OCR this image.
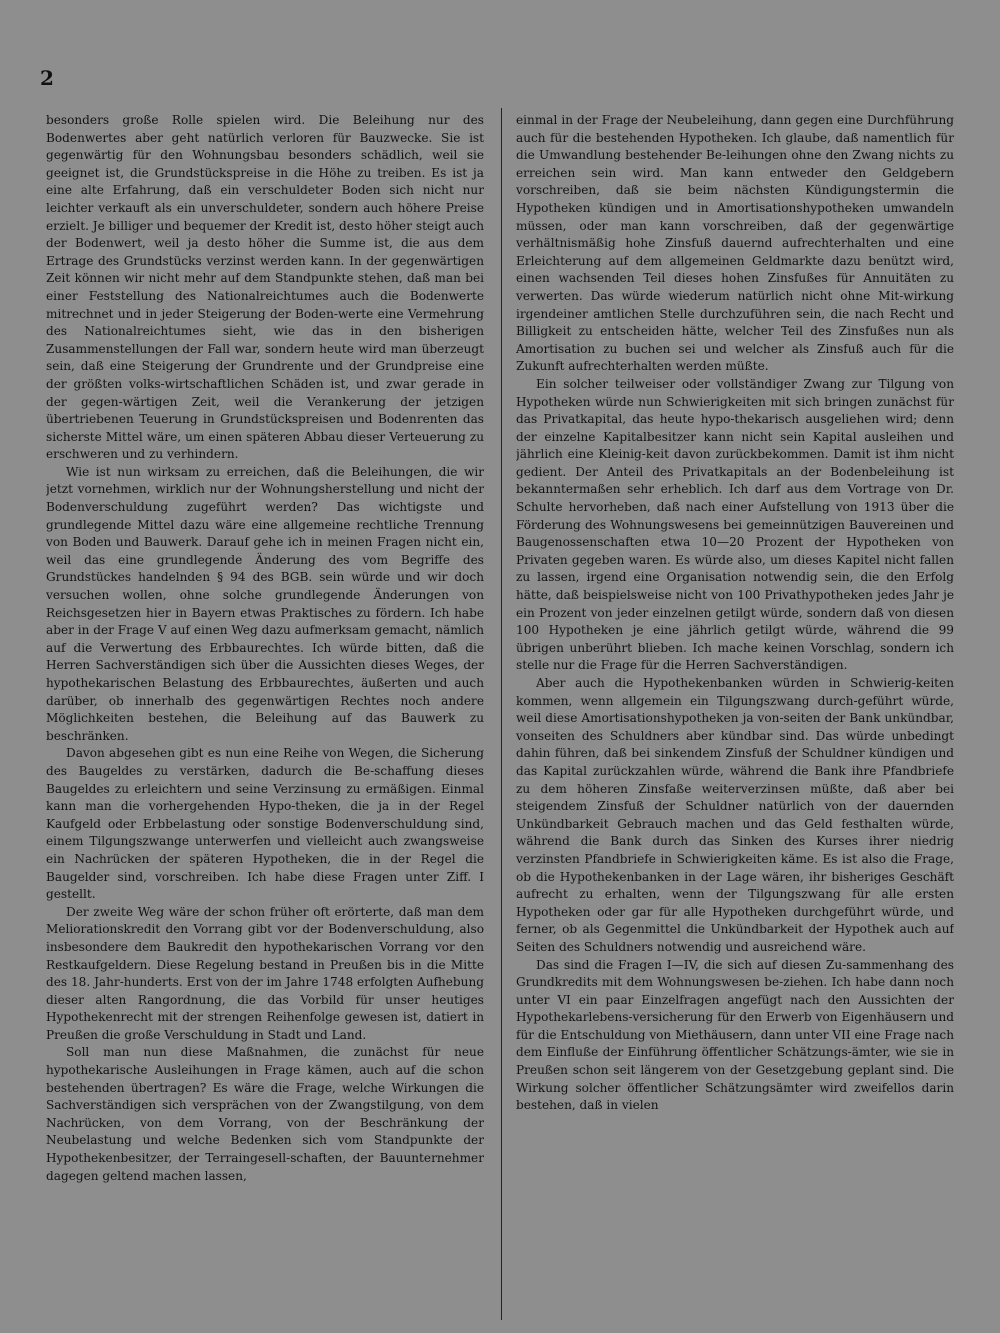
2

besonders große Rolle spielen wird. Die Beleihung nur des Bodenwertes aber geht natürlich verloren für Bauzwecke. Sie ist gegenwärtig für den Wohnungsbau besonders schädlich, weil sie geeignet ist, die Grundstückspreise in die Höhe zu treiben. Es ist ja eine alte Erfahrung, daß ein verschuldeter Boden sich nicht nur leichter verkauft als ein unverschuldeter, sondern auch höhere Preise erzielt. Je billiger und bequemer der Kredit ist, desto höher steigt auch der Bodenwert, weil ja desto höher die Summe ist, die aus dem Ertrage des Grundstücks verzinst werden kann. In der gegenwärtigen Zeit können wir nicht mehr auf dem Standpunkte stehen, daß man bei einer Feststellung des Nationalreichtumes auch die Bodenwerte mitrechnet und in jeder Steigerung der Boden-werte eine Vermehrung des Nationalreichtumes sieht, wie das in den bisherigen Zusammenstellungen der Fall war, sondern heute wird man überzeugt sein, daß eine Steigerung der Grundrente und der Grundpreise eine der größten volks-wirtschaftlichen Schäden ist, und zwar gerade in der gegen-wärtigen Zeit, weil die Verankerung der jetzigen übertriebenen Teuerung in Grundstückspreisen und Bodenrenten das sicherste Mittel wäre, um einen späteren Abbau dieser Verteuerung zu erschweren und zu verhindern.

Wie ist nun wirksam zu erreichen, daß die Beleihungen, die wir jetzt vornehmen, wirklich nur der Wohnungsherstellung und nicht der Bodenverschuldung zugeführt werden? Das wichtigste und grundlegende Mittel dazu wäre eine allgemeine rechtliche Trennung von Boden und Bauwerk. Darauf gehe ich in meinen Fragen nicht ein, weil das eine grundlegende Änderung des vom Begriffe des Grundstückes handelnden § 94 des BGB. sein würde und wir doch versuchen wollen, ohne solche grundlegende Änderungen von Reichsgesetzen hier in Bayern etwas Praktisches zu fördern. Ich habe aber in der Frage V auf einen Weg dazu aufmerksam gemacht, nämlich auf die Verwertung des Erbbaurechtes. Ich würde bitten, daß die Herren Sachverständigen sich über die Aussichten dieses Weges, der hypothekarischen Belastung des Erbbaurechtes, äußerten und auch darüber, ob innerhalb des gegenwärtigen Rechtes noch andere Möglichkeiten bestehen, die Beleihung auf das Bauwerk zu beschränken.

Davon abgesehen gibt es nun eine Reihe von Wegen, die Sicherung des Baugeldes zu verstärken, dadurch die Be-schaffung dieses Baugeldes zu erleichtern und seine Verzinsung zu ermäßigen. Einmal kann man die vorhergehenden Hypo-theken, die ja in der Regel Kaufgeld oder Erbbelastung oder sonstige Bodenverschuldung sind, einem Tilgungszwange unterwerfen und vielleicht auch zwangsweise ein Nachrücken der späteren Hypotheken, die in der Regel die Baugelder sind, vorschreiben. Ich habe diese Fragen unter Ziff. I gestellt.

Der zweite Weg wäre der schon früher oft erörterte, daß man dem Meliorationskredit den Vorrang gibt vor der Bodenverschuldung, also insbesondere dem Baukredit den hypothekarischen Vorrang vor den Restkaufgeldern. Diese Regelung bestand in Preußen bis in die Mitte des 18. Jahr-hunderts. Erst von der im Jahre 1748 erfolgten Aufhebung dieser alten Rangordnung, die das Vorbild für unser heutiges Hypothekenrecht mit der strengen Reihenfolge gewesen ist, datiert in Preußen die große Verschuldung in Stadt und Land.

Soll man nun diese Maßnahmen, die zunächst für neue hypothekarische Ausleihungen in Frage kämen, auch auf die schon bestehenden übertragen? Es wäre die Frage, welche Wirkungen die Sachverständigen sich versprächen von der Zwangstilgung, von dem Nachrücken, von dem Vorrang, von der Beschränkung der Neubelastung und welche Bedenken sich vom Standpunkte der Hypothekenbesitzer, der Terraingesell-schaften, der Bauunternehmer dagegen geltend machen lassen,

einmal in der Frage der Neubeleihung, dann gegen eine Durchführung auch für die bestehenden Hypotheken. Ich glaube, daß namentlich für die Umwandlung bestehender Be-leihungen ohne den Zwang nichts zu erreichen sein wird. Man kann entweder den Geldgebern vorschreiben, daß sie beim nächsten Kündigungstermin die Hypotheken kündigen und in Amortisationshypotheken umwandeln müssen, oder man kann vorschreiben, daß der gegenwärtige verhältnismäßig hohe Zinsfuß dauernd aufrechterhalten und eine Erleichterung auf dem allgemeinen Geldmarkte dazu benützt wird, einen wachsenden Teil dieses hohen Zinsfußes für Annuitäten zu verwerten. Das würde wiederum natürlich nicht ohne Mit-wirkung irgendeiner amtlichen Stelle durchzuführen sein, die nach Recht und Billigkeit zu entscheiden hätte, welcher Teil des Zinsfußes nun als Amortisation zu buchen sei und welcher als Zinsfuß auch für die Zukunft aufrechterhalten werden müßte.

Ein solcher teilweiser oder vollständiger Zwang zur Tilgung von Hypotheken würde nun Schwierigkeiten mit sich bringen zunächst für das Privatkapital, das heute hypo-thekarisch ausgeliehen wird; denn der einzelne Kapitalbesitzer kann nicht sein Kapital ausleihen und jährlich eine Kleinig-keit davon zurückbekommen. Damit ist ihm nicht gedient. Der Anteil des Privatkapitals an der Bodenbeleihung ist bekanntermaßen sehr erheblich. Ich darf aus dem Vortrage von Dr. Schulte hervorheben, daß nach einer Aufstellung von 1913 über die Förderung des Wohnungswesens bei gemeinnützigen Bauvereinen und Baugenossenschaften etwa 10—20 Prozent der Hypotheken von Privaten gegeben waren. Es würde also, um dieses Kapitel nicht fallen zu lassen, irgend eine Organisation notwendig sein, die den Erfolg hätte, daß beispielsweise nicht von 100 Privathypotheken jedes Jahr je ein Prozent von jeder einzelnen getilgt würde, sondern daß von diesen 100 Hypotheken je eine jährlich getilgt würde, während die 99 übrigen unberührt blieben. Ich mache keinen Vorschlag, sondern ich stelle nur die Frage für die Herren Sachverständigen.

Aber auch die Hypothekenbanken würden in Schwierig-keiten kommen, wenn allgemein ein Tilgungszwang durch-geführt würde, weil diese Amortisationshypotheken ja von-seiten der Bank unkündbar, vonseiten des Schuldners aber kündbar sind. Das würde unbedingt dahin führen, daß bei sinkendem Zinsfuß der Schuldner kündigen und das Kapital zurückzahlen würde, während die Bank ihre Pfandbriefe zu dem höheren Zinsfaße weiterverzinsen müßte, daß aber bei steigendem Zinsfuß der Schuldner natürlich von der dauernden Unkündbarkeit Gebrauch machen und das Geld festhalten würde, während die Bank durch das Sinken des Kurses ihrer niedrig verzinsten Pfandbriefe in Schwierigkeiten käme. Es ist also die Frage, ob die Hypothekenbanken in der Lage wären, ihr bisheriges Geschäft aufrecht zu erhalten, wenn der Tilgungszwang für alle ersten Hypotheken oder gar für alle Hypotheken durchgeführt würde, und ferner, ob als Gegenmittel die Unkündbarkeit der Hypothek auch auf Seiten des Schuldners notwendig und ausreichend wäre.

Das sind die Fragen I—IV, die sich auf diesen Zu-sammenhang des Grundkredits mit dem Wohnungswesen be-ziehen. Ich habe dann noch unter VI ein paar Einzelfragen angefügt nach den Aussichten der Hypothekarlebens-versicherung für den Erwerb von Eigenhäusern und für die Entschuldung von Miethäusern, dann unter VII eine Frage nach dem Einfluße der Einführung öffentlicher Schätzungs-ämter, wie sie in Preußen schon seit längerem von der Gesetzgebung geplant sind. Die Wirkung solcher öffentlicher Schätzungsämter wird zweifellos darin bestehen, daß in vielen
